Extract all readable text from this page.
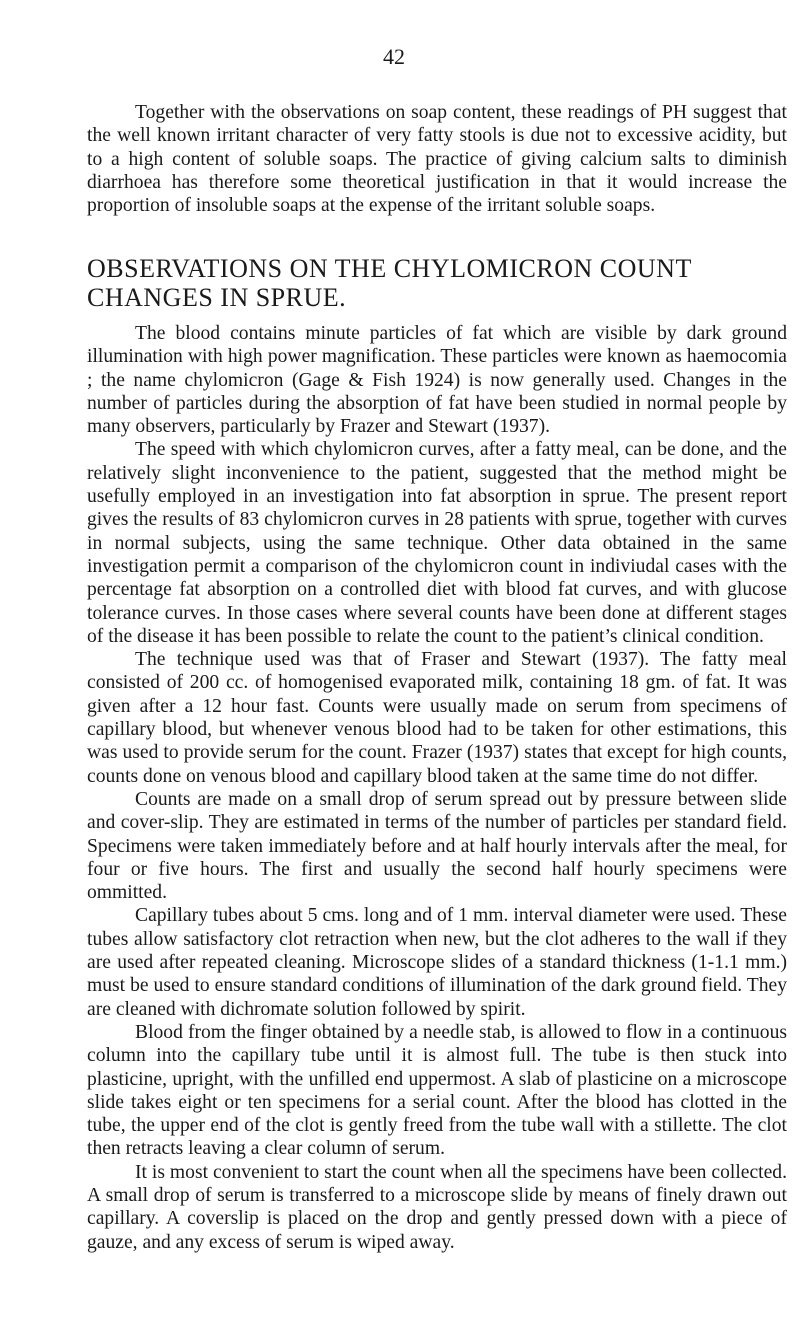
42

Together with the observations on soap content, these readings of PH suggest that the well known irritant character of very fatty stools is due not to excessive acidity, but to a high content of soluble soaps. The practice of giving calcium salts to diminish diarrhoea has therefore some theoretical justification in that it would increase the proportion of insoluble soaps at the expense of the irritant soluble soaps.

OBSERVATIONS ON THE CHYLOMICRON COUNT
CHANGES IN SPRUE.

The blood contains minute particles of fat which are visible by dark ground illumination with high power magnification. These particles were known as haemocomia ; the name chylomicron (Gage & Fish 1924) is now generally used. Changes in the number of particles during the absorption of fat have been studied in normal people by many observers, particularly by Frazer and Stewart (1937).

The speed with which chylomicron curves, after a fatty meal, can be done, and the relatively slight inconvenience to the patient, suggested that the method might be usefully employed in an investigation into fat absorption in sprue. The present report gives the results of 83 chylomicron curves in 28 patients with sprue, together with curves in normal subjects, using the same technique. Other data obtained in the same investigation permit a comparison of the chylomicron count in indiviudal cases with the percentage fat absorption on a controlled diet with blood fat curves, and with glucose tolerance curves. In those cases where several counts have been done at different stages of the disease it has been possible to relate the count to the patient’s clinical condition.

The technique used was that of Fraser and Stewart (1937). The fatty meal consisted of 200 cc. of homogenised evaporated milk, containing 18 gm. of fat. It was given after a 12 hour fast. Counts were usually made on serum from specimens of capillary blood, but whenever venous blood had to be taken for other estimations, this was used to provide serum for the count. Frazer (1937) states that except for high counts, counts done on venous blood and capillary blood taken at the same time do not differ.

Counts are made on a small drop of serum spread out by pressure between slide and cover-slip. They are estimated in terms of the number of particles per standard field. Specimens were taken immediately before and at half hourly intervals after the meal, for four or five hours. The first and usually the second half hourly specimens were ommitted.

Capillary tubes about 5 cms. long and of 1 mm. interval diameter were used. These tubes allow satisfactory clot retraction when new, but the clot adheres to the wall if they are used after repeated cleaning. Microscope slides of a standard thickness (1-1.1 mm.) must be used to ensure standard conditions of illumination of the dark ground field. They are cleaned with dichromate solution followed by spirit.

Blood from the finger obtained by a needle stab, is allowed to flow in a continuous column into the capillary tube until it is almost full. The tube is then stuck into plasticine, upright, with the unfilled end uppermost. A slab of plasticine on a microscope slide takes eight or ten specimens for a serial count. After the blood has clotted in the tube, the upper end of the clot is gently freed from the tube wall with a stillette. The clot then retracts leaving a clear column of serum.

It is most convenient to start the count when all the specimens have been collected. A small drop of serum is transferred to a microscope slide by means of finely drawn out capillary. A coverslip is placed on the drop and gently pressed down with a piece of gauze, and any excess of serum is wiped away.
